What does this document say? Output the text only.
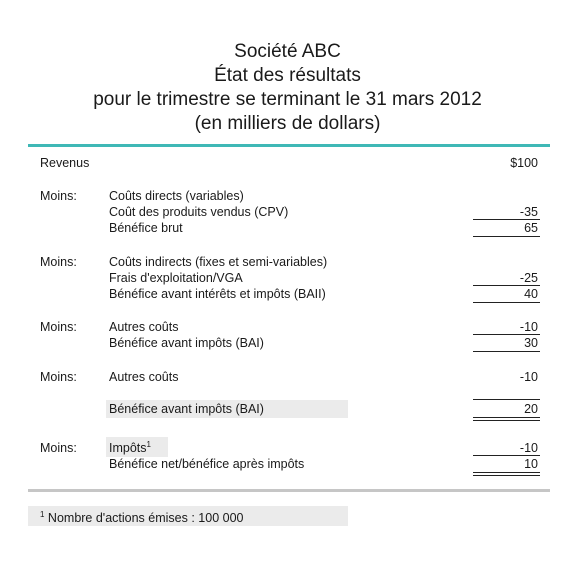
Société ABC
État des résultats
pour le trimestre se terminant le 31 mars 2012
(en milliers de dollars)
Revenus	$100
Moins:	Coûts directs (variables)
Coût des produits vendus (CPV)	-35
Bénéfice brut	65
Moins:	Coûts indirects (fixes et semi-variables)
Frais d'exploitation/VGA	-25
Bénéfice avant intérêts et impôts (BAII)	40
Moins:	Autres coûts	-10
Bénéfice avant impôts (BAI)	30
Moins:	Autres coûts	-10
Bénéfice avant impôts (BAI)	20
Moins:	Impôts$^1$	-10
Bénéfice net/bénéfice après impôts	10
$^1$ Nombre d'actions émises : 100 000
